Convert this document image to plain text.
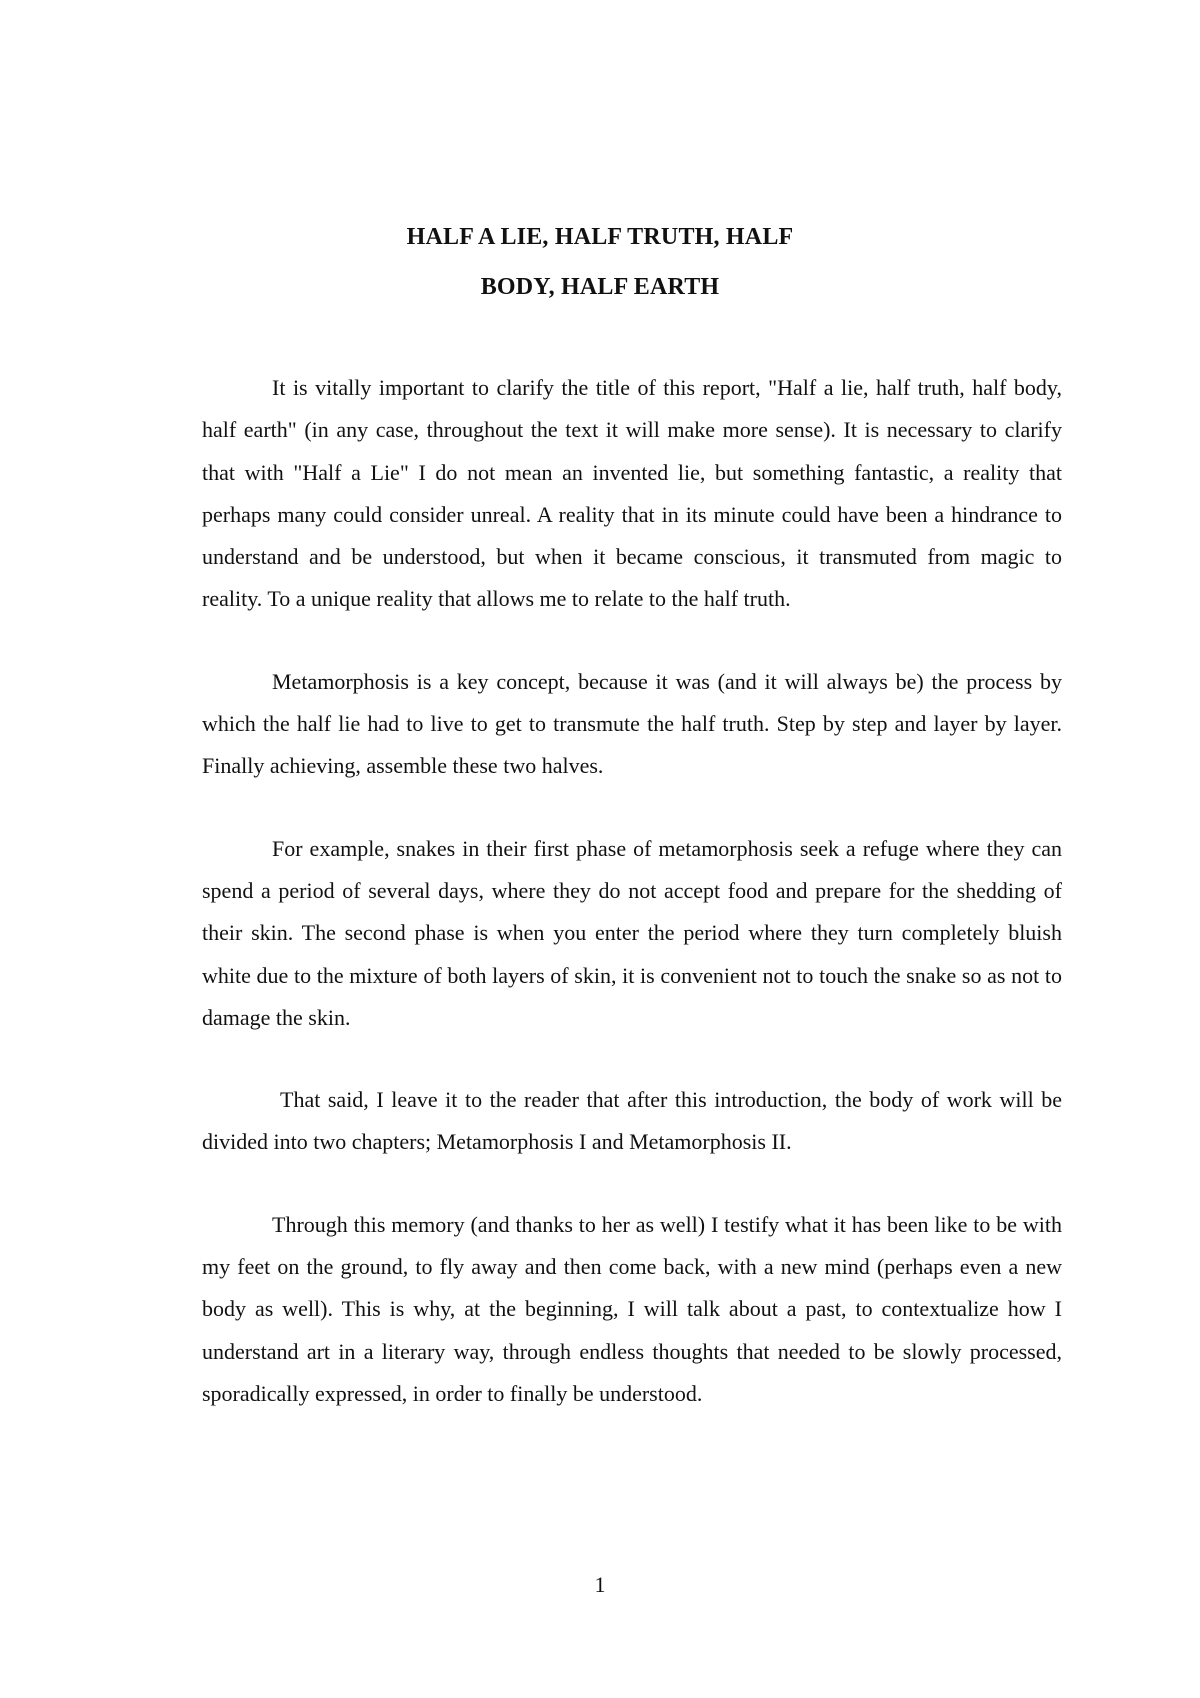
HALF A LIE, HALF TRUTH, HALF
BODY, HALF EARTH

It is vitally important to clarify the title of this report, "Half a lie, half truth, half body, half earth" (in any case, throughout the text it will make more sense). It is necessary to clarify that with "Half a Lie" I do not mean an invented lie, but something fantastic, a reality that perhaps many could consider unreal. A reality that in its minute could have been a hindrance to understand and be understood, but when it became conscious, it transmuted from magic to reality. To a unique reality that allows me to relate to the half truth.

Metamorphosis is a key concept, because it was (and it will always be) the process by which the half lie had to live to get to transmute the half truth. Step by step and layer by layer. Finally achieving, assemble these two halves.

For example, snakes in their first phase of metamorphosis seek a refuge where they can spend a period of several days, where they do not accept food and prepare for the shedding of their skin. The second phase is when you enter the period where they turn completely bluish white due to the mixture of both layers of skin, it is convenient not to touch the snake so as not to damage the skin.

That said, I leave it to the reader that after this introduction, the body of work will be divided into two chapters; Metamorphosis I and Metamorphosis II.

Through this memory (and thanks to her as well) I testify what it has been like to be with my feet on the ground, to fly away and then come back, with a new mind (perhaps even a new body as well). This is why, at the beginning, I will talk about a past, to contextualize how I understand art in a literary way, through endless thoughts that needed to be slowly processed, sporadically expressed, in order to finally be understood.

1
